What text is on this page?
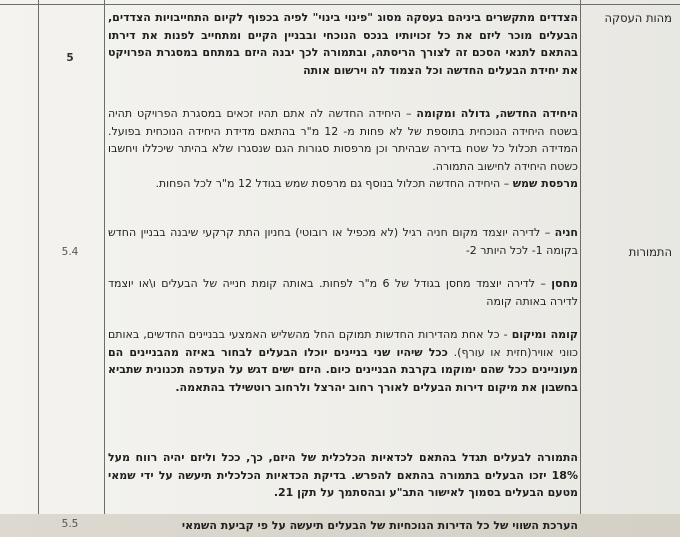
מהות העסקה
5
הצדדים מתקשרים ביניהם בעסקה מסוג "פינוי בינוי" לפיה בכפוף לקיום התחייבויות הצדדים, הבעלים מוכר ליזם את כל זכויותיו בנכס הנוכחי ובבניין הקיים ומתחייב לפנות את דירתו בהתאם לתנאי הסכם זה לצורך הריסתה, ובתמורה לכך יבנה היזם במתחם במסגרת הפרויקט את יחידת הבעלים החדשה וכל הצמוד לה וירשום אותה
התמורות
5.4
היחידה החדשה, גדולה ומקומה – היחידה החדשה לה אתם תהיו זכאים במסגרת הפרויקט תהיה בשטח היחידה הנוכחית בתוספת של לא פחות מ- 12 מ"ר בהתאם מדידת היחידה הנוכחית בפועל. המדידה תכלול כל שטח בדירה שבהיתר וכן מרפסות סגורות הגם שנסגרו שלא בהיתר שיכללו ויחשבו כשטח היחידה לחישוב התמורה.
מרפסת שמש – היחידה החדשה תכלול בנוסף גם מרפסת שמש בגודל 12 מ"ר לכל הפחות.
חניה – לדירה יוצמד מקום חניה רגיל (לא מכפיל או רובוטי) בחניון התת קרקעי שיבנה בבניין החדש בקומה 1- לכל היותר 2-
מחסן – לדירה יוצמד מחסן בגודל של 6 מ"ר לפחות. באותה קומת חנייה של הבעלים ו\או יוצמד לדירה באותה קומה
קומה ומיקום - כל אחת מהדירות החדשות תמוקם החל מהשליש האמצעי בבניינים החדשים, באותם כווני אוויר(חזית או עורף). ככל שיהיו שני בניינים יוכלו הבעלים לבחור באיזה מהבניינים הם מעוניינים ככל שהם ימוקמו בקרבת הבניינים כיום. היזם ישים דגש על העדפה תכנונית שתביא בחשבון את מיקום דירות הבעלים לאורך רחוב יהרצל ולרחוב רוטשילד בהתאמה.
התמורה לבעלים תגדל בהתאם לכדאיות הכלכלית של היזם, כך, ככל וליזם יהיה רווח מעל 18% יזכו הבעלים בתמורה בהתאם להפרש. בדיקת הכדאיות הכלכלית תיעשה על ידי שמאי מטעם הבעלים בסמוך לאישור התב"ע ובהסתמך על תקן 21.
5.5	הערכת השווי של כל הדירות הנוכחיות של הבעלים תיעשה על פי קביעת השמאי
